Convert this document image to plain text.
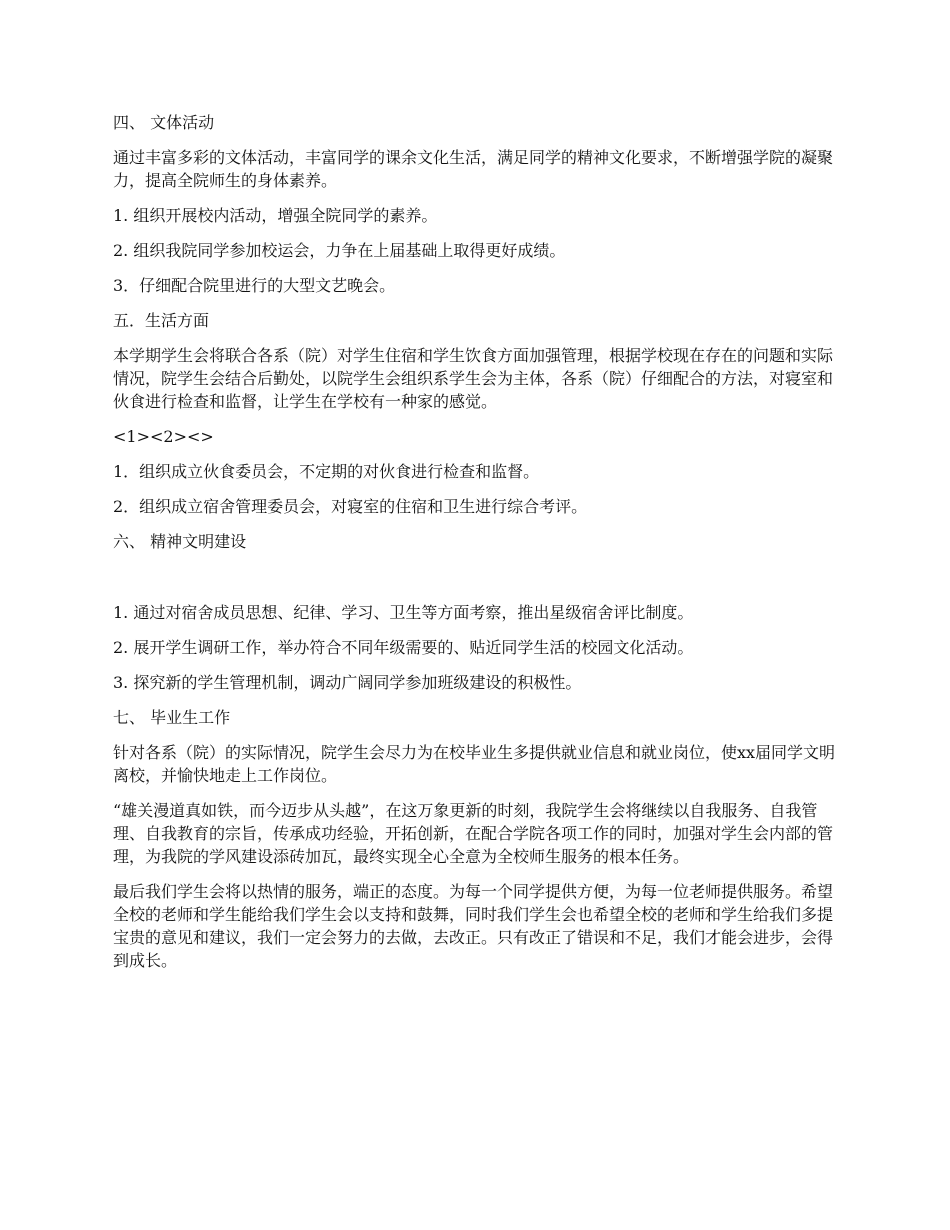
四、 文体活动

通过丰富多彩的文体活动，丰富同学的课余文化生活，满足同学的精神文化要求，不断增强学院的凝聚力，提高全院师生的身体素养。

1. 组织开展校内活动，增强全院同学的素养。

2. 组织我院同学参加校运会，力争在上届基础上取得更好成绩。

3．仔细配合院里进行的大型文艺晚会。

五．生活方面

本学期学生会将联合各系（院）对学生住宿和学生饮食方面加强管理，根据学校现在存在的问题和实际情况，院学生会结合后勤处，以院学生会组织系学生会为主体，各系（院）仔细配合的方法，对寝室和伙食进行检查和监督，让学生在学校有一种家的感觉。

<1><2><>

1．组织成立伙食委员会，不定期的对伙食进行检查和监督。

2．组织成立宿舍管理委员会，对寝室的住宿和卫生进行综合考评。

六、 精神文明建设

1. 通过对宿舍成员思想、纪律、学习、卫生等方面考察，推出星级宿舍评比制度。

2. 展开学生调研工作，举办符合不同年级需要的、贴近同学生活的校园文化活动。

3. 探究新的学生管理机制，调动广阔同学参加班级建设的积极性。

七、 毕业生工作

针对各系（院）的实际情况，院学生会尽力为在校毕业生多提供就业信息和就业岗位，使xx届同学文明离校，并愉快地走上工作岗位。

“雄关漫道真如铁，而今迈步从头越”，在这万象更新的时刻，我院学生会将继续以自我服务、自我管理、自我教育的宗旨，传承成功经验，开拓创新，在配合学院各项工作的同时，加强对学生会内部的管理，为我院的学风建设添砖加瓦，最终实现全心全意为全校师生服务的根本任务。

最后我们学生会将以热情的服务，端正的态度。为每一个同学提供方便，为每一位老师提供服务。希望全校的老师和学生能给我们学生会以支持和鼓舞，同时我们学生会也希望全校的老师和学生给我们多提宝贵的意见和建议，我们一定会努力的去做，去改正。只有改正了错误和不足，我们才能会进步，会得到成长。
